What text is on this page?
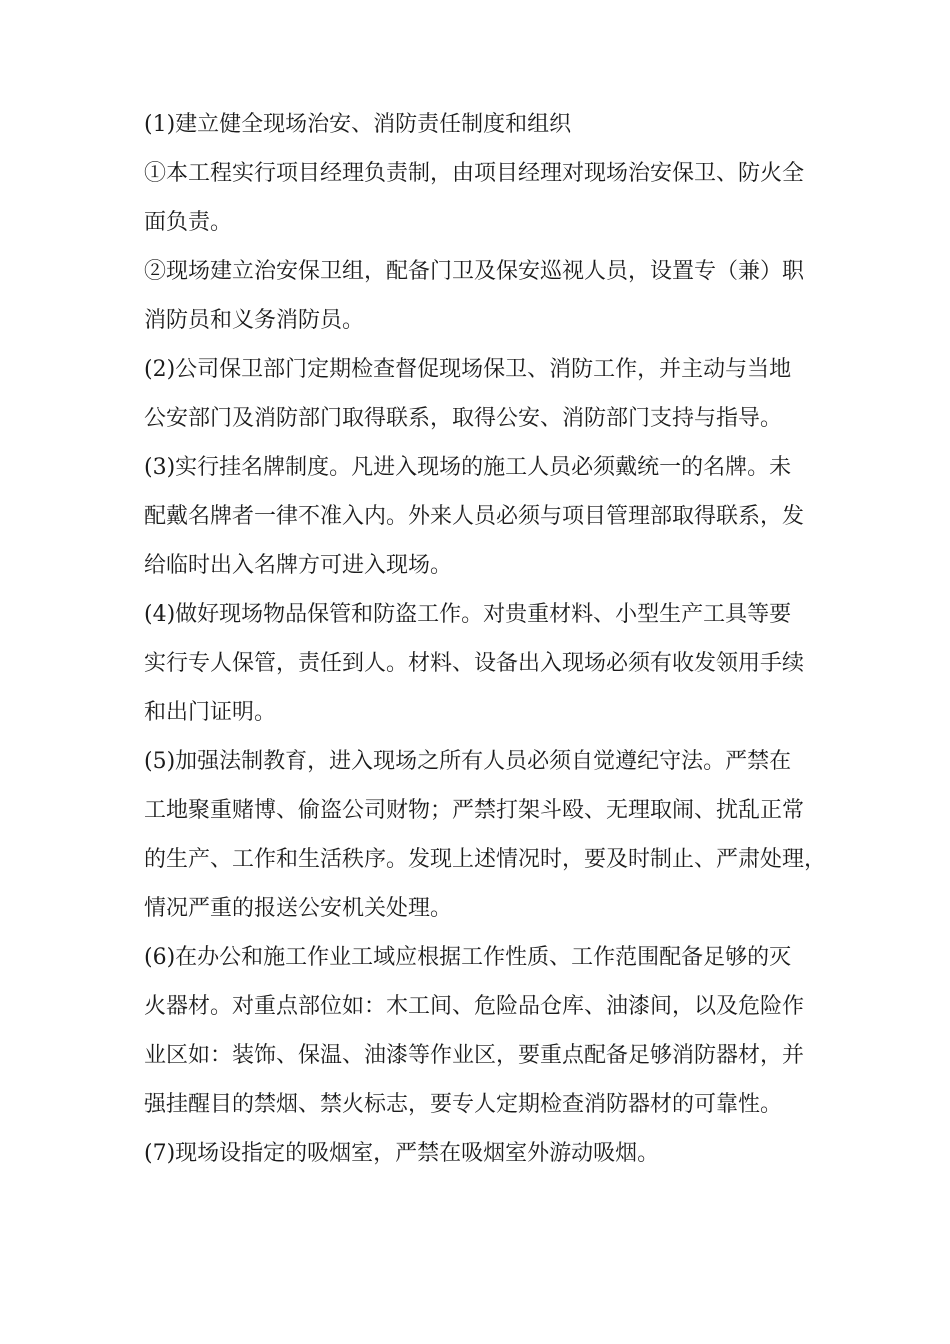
(1)建立健全现场治安、消防责任制度和组织

①本工程实行项目经理负责制，由项目经理对现场治安保卫、防火全
面负责。

②现场建立治安保卫组，配备门卫及保安巡视人员，设置专（兼）职
消防员和义务消防员。

(2)公司保卫部门定期检查督促现场保卫、消防工作，并主动与当地
公安部门及消防部门取得联系，取得公安、消防部门支持与指导。

(3)实行挂名牌制度。凡进入现场的施工人员必须戴统一的名牌。未
配戴名牌者一律不准入内。外来人员必须与项目管理部取得联系，发
给临时出入名牌方可进入现场。

(4)做好现场物品保管和防盗工作。对贵重材料、小型生产工具等要
实行专人保管，责任到人。材料、设备出入现场必须有收发领用手续
和出门证明。

(5)加强法制教育，进入现场之所有人员必须自觉遵纪守法。严禁在
工地聚重赌博、偷盗公司财物；严禁打架斗殴、无理取闹、扰乱正常
的生产、工作和生活秩序。发现上述情况时，要及时制止、严肃处理，
情况严重的报送公安机关处理。

(6)在办公和施工作业工域应根据工作性质、工作范围配备足够的灭
火器材。对重点部位如：木工间、危险品仓库、油漆间，以及危险作
业区如：装饰、保温、油漆等作业区，要重点配备足够消防器材，并
强挂醒目的禁烟、禁火标志，要专人定期检查消防器材的可靠性。

(7)现场设指定的吸烟室，严禁在吸烟室外游动吸烟。
